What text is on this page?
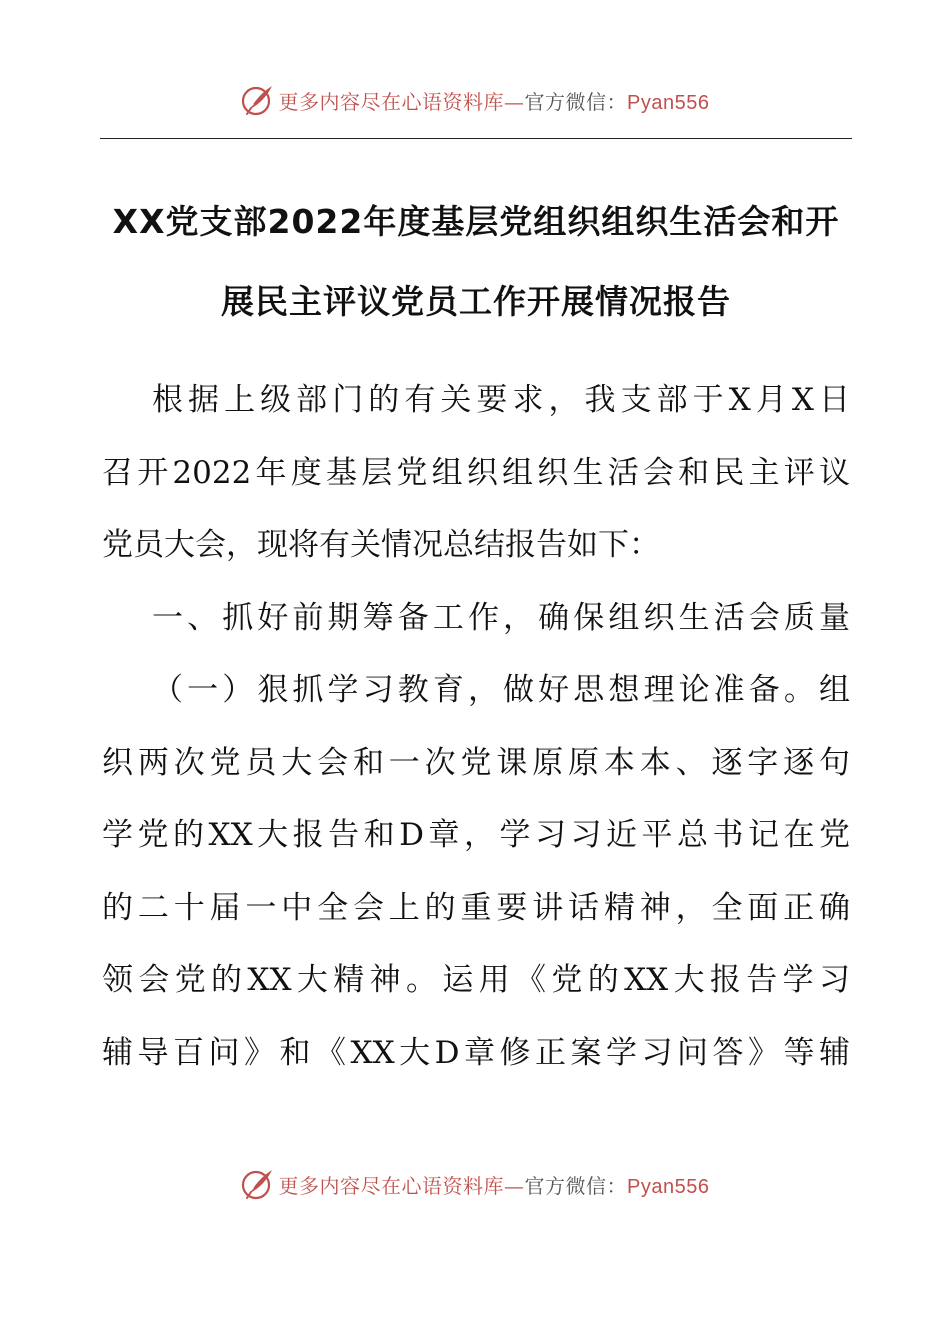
更多内容尽在心语资料库—官方微信：Pyan556
XX党支部2022年度基层党组织组织生活会和开
展民主评议党员工作开展情况报告
根据上级部门的有关要求，我支部于X月X日
召开2022年度基层党组织组织生活会和民主评议
党员大会，现将有关情况总结报告如下：
一、抓好前期筹备工作，确保组织生活会质量
（一）狠抓学习教育，做好思想理论准备。组
织两次党员大会和一次党课原原本本、逐字逐句
学党的XX大报告和D章，学习习近平总书记在党
的二十届一中全会上的重要讲话精神，全面正确
领会党的XX大精神。运用《党的XX大报告学习
辅导百问》和《XX大D章修正案学习问答》等辅
更多内容尽在心语资料库—官方微信：Pyan556
